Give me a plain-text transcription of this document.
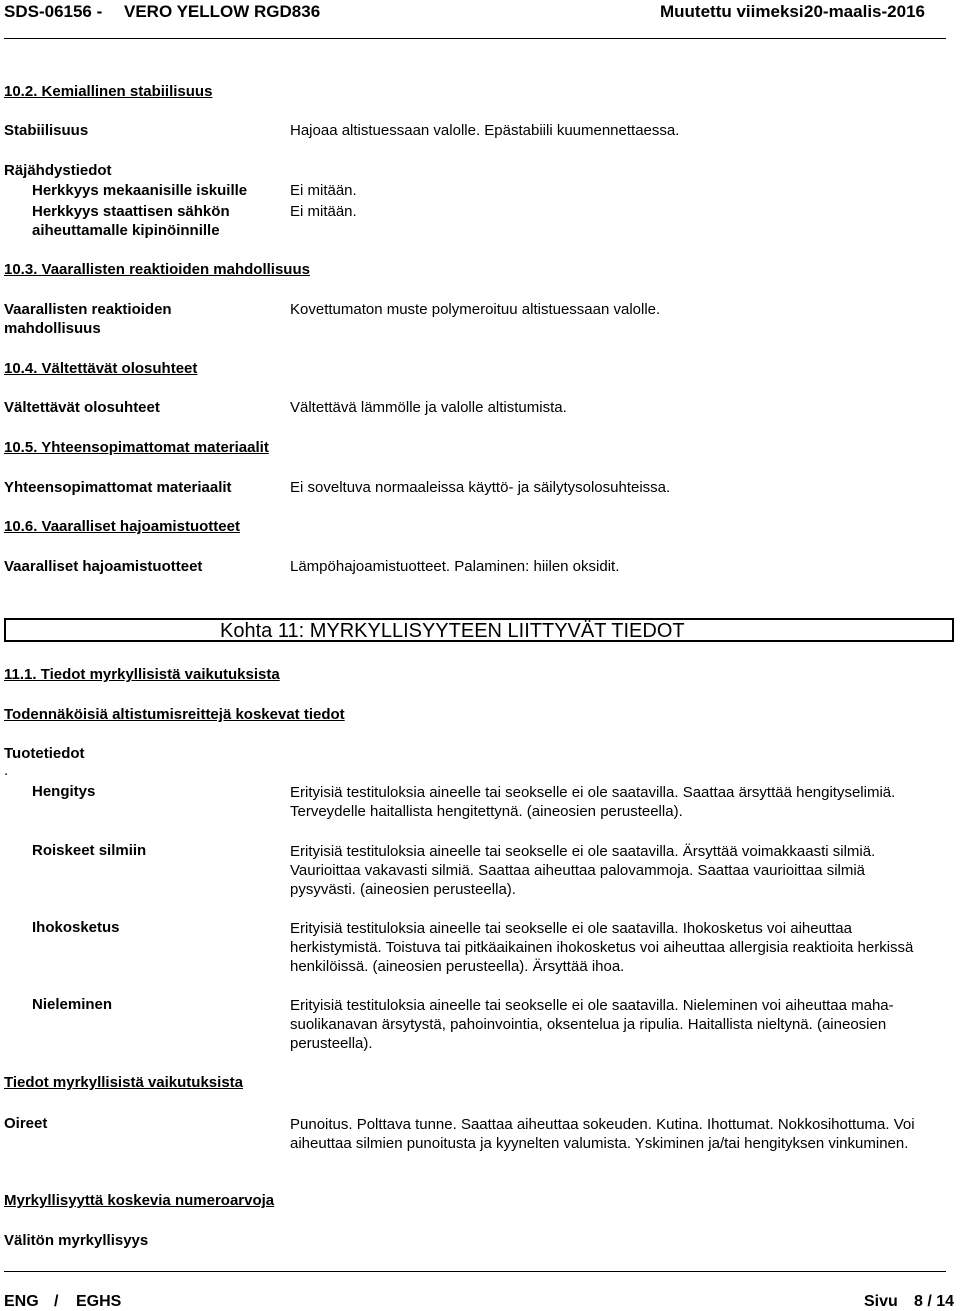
SDS-06156 - VERO YELLOW RGD836	Muutettu viimeksi 20-maalis-2016
10.2. Kemiallinen stabiilisuus
Stabiilisuus	Hajoaa altistuessaan valolle. Epästabiili kuumennettaessa.
Räjähdystiedot
Herkkyys mekaanisille iskuille	Ei mitään.
Herkkyys staattisen sähkön	Ei mitään.
aiheuttamalle kipinöinnille
10.3. Vaarallisten reaktioiden mahdollisuus
Vaarallisten reaktioiden	Kovettumaton muste polymeroituu altistuessaan valolle.
mahdollisuus
10.4. Vältettävät olosuhteet
Vältettävät olosuhteet	Vältettävä lämmölle ja valolle altistumista.
10.5. Yhteensopimattomat materiaalit
Yhteensopimattomat materiaalit	Ei soveltuva normaaleissa käyttö- ja säilytysolosuhteissa.
10.6. Vaaralliset hajoamistuotteet
Vaaralliset hajoamistuotteet	Lämpöhajoamistuotteet. Palaminen: hiilen oksidit.
Kohta 11: MYRKYLLISYYTEEN LIITTYVÄT TIEDOT
11.1. Tiedot myrkyllisistä vaikutuksista
Todennäköisiä altistumisreittejä koskevat tiedot
Tuotetiedot
.
Hengitys	Erityisiä testituloksia aineelle tai seokselle ei ole saatavilla. Saattaa ärsyttää hengityselimiä. Terveydelle haitallista hengitettynä. (aineosien perusteella).
Roiskeet silmiin	Erityisiä testituloksia aineelle tai seokselle ei ole saatavilla. Ärsyttää voimakkaasti silmiä. Vaurioittaa vakavasti silmiä. Saattaa aiheuttaa palovammoja. Saattaa vaurioittaa silmiä pysyvästi. (aineosien perusteella).
Ihokosketus	Erityisiä testituloksia aineelle tai seokselle ei ole saatavilla. Ihokosketus voi aiheuttaa herkistymistä. Toistuva tai pitkäaikainen ihokosketus voi aiheuttaa allergisia reaktioita herkissä henkilöissä. (aineosien perusteella). Ärsyttää ihoa.
Nieleminen	Erityisiä testituloksia aineelle tai seokselle ei ole saatavilla. Nieleminen voi aiheuttaa maha-suolikanavan ärsytystä, pahoinvointia, oksentelua ja ripulia. Haitallista nieltynä. (aineosien perusteella).
Tiedot myrkyllisistä vaikutuksista
Oireet	Punoitus. Polttava tunne. Saattaa aiheuttaa sokeuden. Kutina. Ihottumat. Nokkosihottuma. Voi aiheuttaa silmien punoitusta ja kyynelten valumista. Yskiminen ja/tai hengityksen vinkuminen.
Myrkyllisyyttä koskevia numeroarvoja
Välitön myrkyllisyys
ENG / EGHS	Sivu 8 / 14
